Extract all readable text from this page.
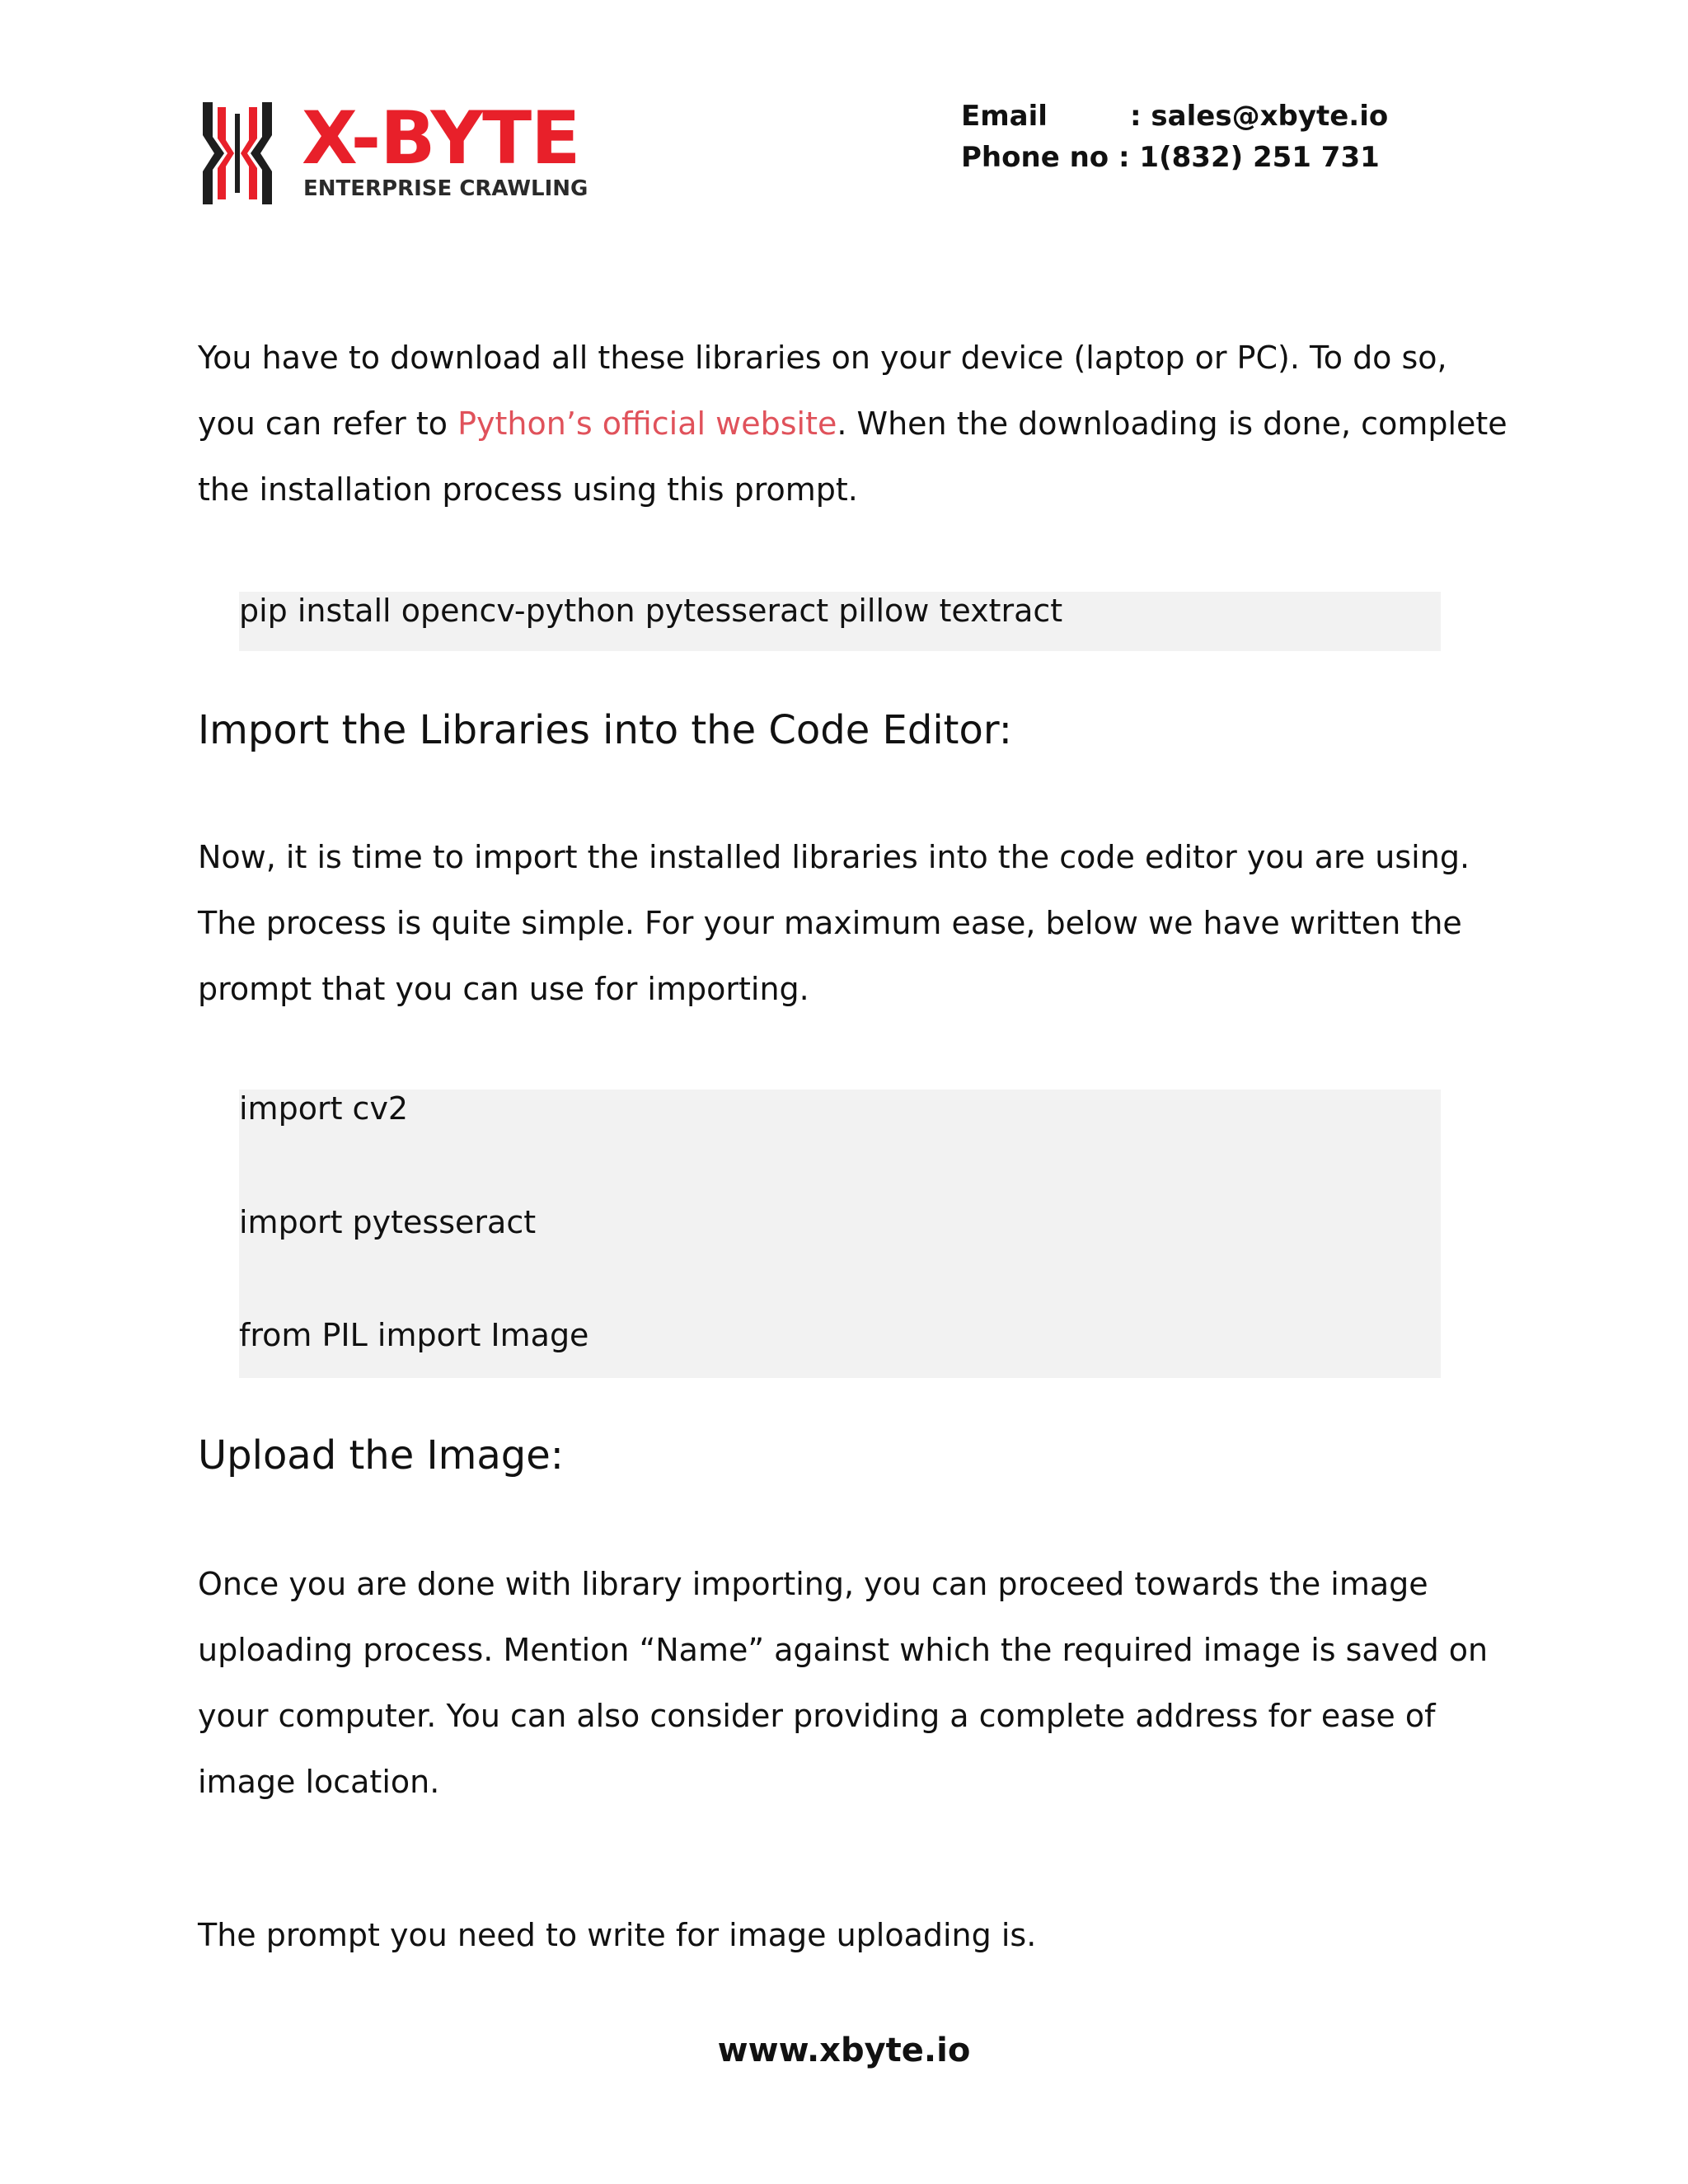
X-BYTE
ENTERPRISE CRAWLING
Email	: sales@xbyte.io
Phone no : 1(832) 251 731

You have to download all these libraries on your device (laptop or PC). To do so, you can refer to Python’s official website. When the downloading is done, complete the installation process using this prompt.

pip install opencv-python pytesseract pillow textract
Import the Libraries into the Code Editor:

Now, it is time to import the installed libraries into the code editor you are using. The process is quite simple. For your maximum ease, below we have written the prompt that you can use for importing.

import cv2
import pytesseract
from PIL import Image
Upload the Image:

Once you are done with library importing, you can proceed towards the image uploading process. Mention “Name” against which the required image is saved on your computer. You can also consider providing a complete address for ease of image location.

The prompt you need to write for image uploading is.

www.xbyte.io
